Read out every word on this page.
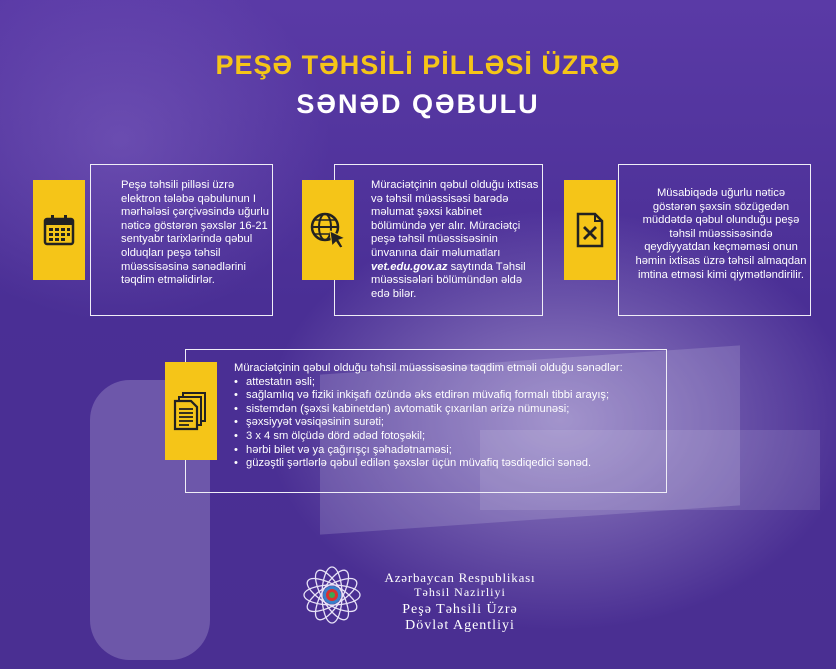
PEŞƏ TƏHSİLİ PİLLƏSİ ÜZRƏ
SƏNƏD QƏBULU
Peşə təhsili pilləsi üzrə elektron tələbə qəbulunun I mərhələsi çərçivəsində uğurlu nəticə göstərən şəxslər 16-21 sentyabr tarixlərində qəbul olduqları peşə təhsil müəssisəsinə sənədlərini təqdim etməlidirlər.
Müraciətçinin qəbul olduğu ixtisas və təhsil müəssisəsi barədə məlumat şəxsi kabinet bölümündə yer alır. Müraciətçi peşə təhsil müəssisəsinin ünvanına dair məlumatları vet.edu.gov.az saytında Təhsil müəssisələri bölümündən əldə edə bilər.
Müsabiqədə uğurlu nəticə göstərən şəxsin sözügedən müddətdə qəbul olunduğu peşə təhsil müəssisəsində qeydiyyatdan keçməməsi onun həmin ixtisas üzrə təhsil almaqdan imtina etməsi kimi qiymətləndirilir.
Müraciətçinin qəbul olduğu təhsil müəssisəsinə təqdim etməli olduğu sənədlər:
• attestatın əsli;
• sağlamlıq və fiziki inkişafı özündə əks etdirən müvafiq formalı tibbi arayış;
• sistemdən (şəxsi kabinetdən) avtomatik çıxarılan ərizə nümunəsi;
• şəxsiyyət vəsiqəsinin surəti;
• 3 x 4 sm ölçüdə dörd ədəd fotoşəkil;
• hərbi bilet və ya çağırışçı şəhadətnaməsi;
• güzəştli şərtlərlə qəbul edilən şəxslər üçün müvafiq təsdiqedici sənəd.
Azərbaycan Respublikası
Təhsil Nazirliyi
Peşə Təhsili Üzrə
Dövlət Agentliyi
